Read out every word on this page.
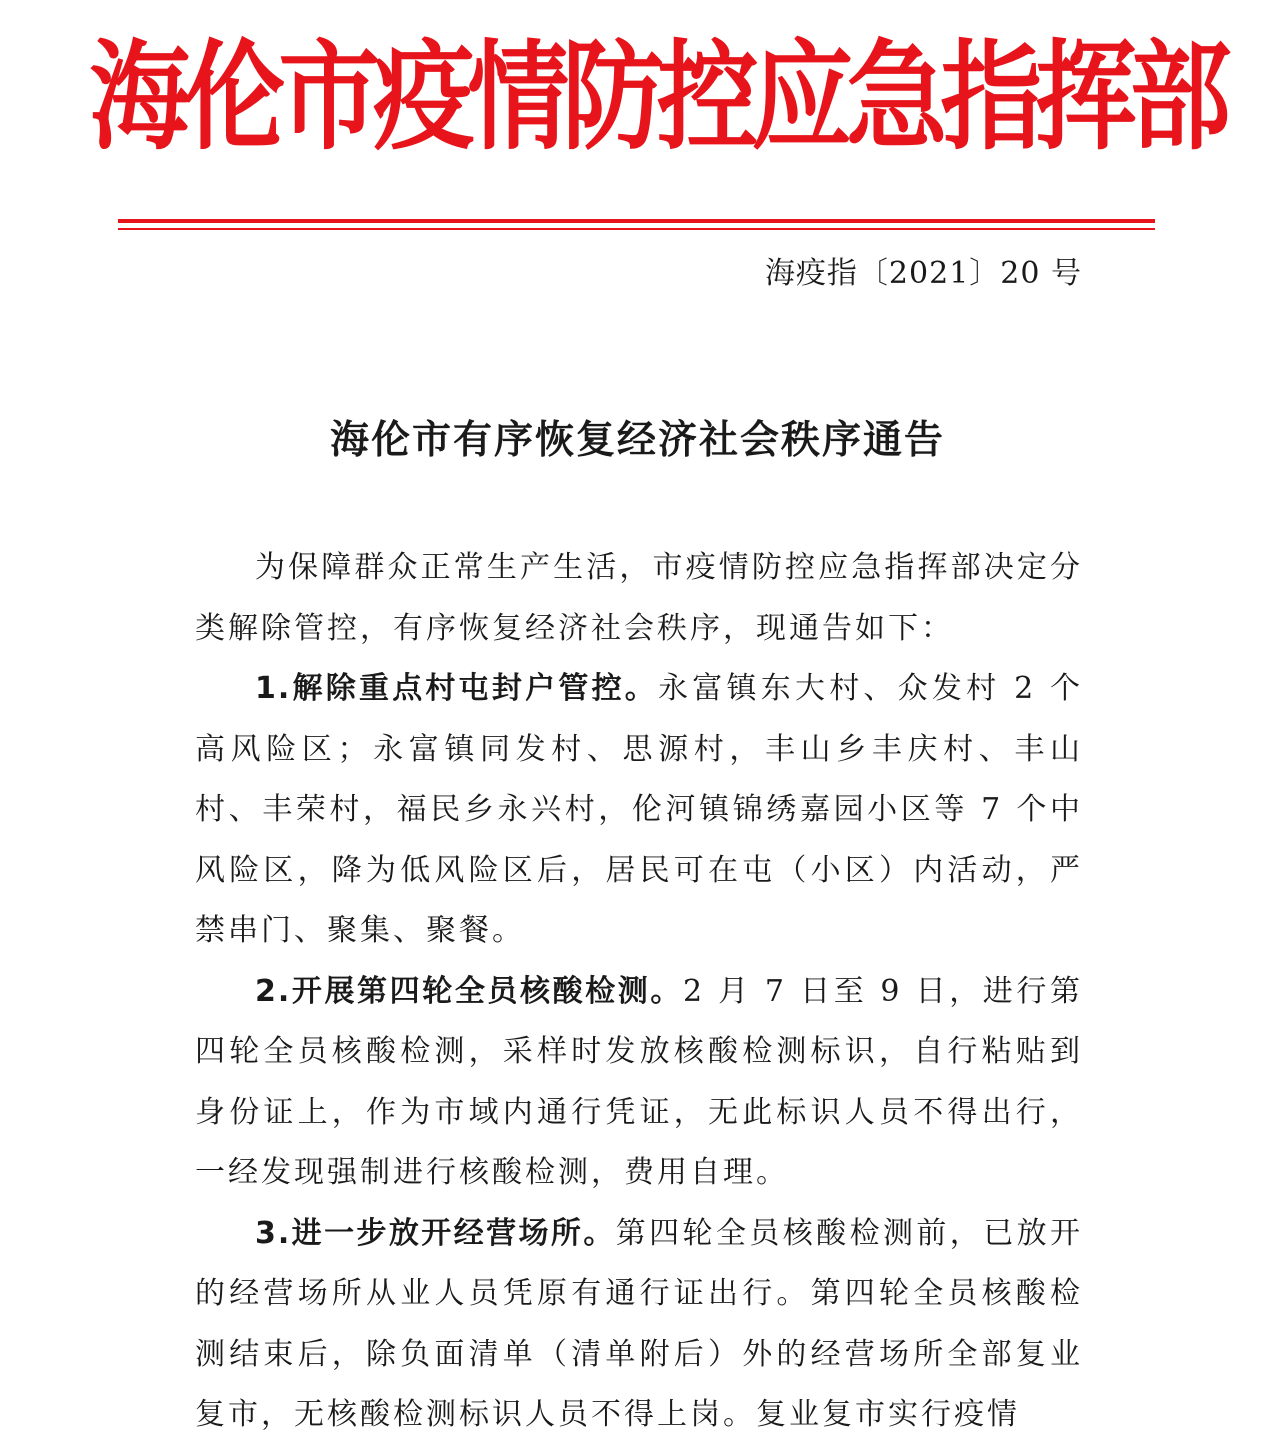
海伦市疫情防控应急指挥部
海疫指〔2021〕20 号
海伦市有序恢复经济社会秩序通告

为保障群众正常生产生活，市疫情防控应急指挥部决定分类解除管控，有序恢复经济社会秩序，现通告如下：

1.解除重点村屯封户管控。永富镇东大村、众发村 2 个高风险区；永富镇同发村、思源村，丰山乡丰庆村、丰山村、丰荣村，福民乡永兴村，伦河镇锦绣嘉园小区等 7 个中风险区，降为低风险区后，居民可在屯（小区）内活动，严禁串门、聚集、聚餐。

2.开展第四轮全员核酸检测。2 月 7 日至 9 日，进行第四轮全员核酸检测，采样时发放核酸检测标识，自行粘贴到身份证上，作为市域内通行凭证，无此标识人员不得出行，一经发现强制进行核酸检测，费用自理。

3.进一步放开经营场所。第四轮全员核酸检测前，已放开的经营场所从业人员凭原有通行证出行。第四轮全员核酸检测结束后，除负面清单（清单附后）外的经营场所全部复业复市，无核酸检测标识人员不得上岗。复业复市实行疫情
